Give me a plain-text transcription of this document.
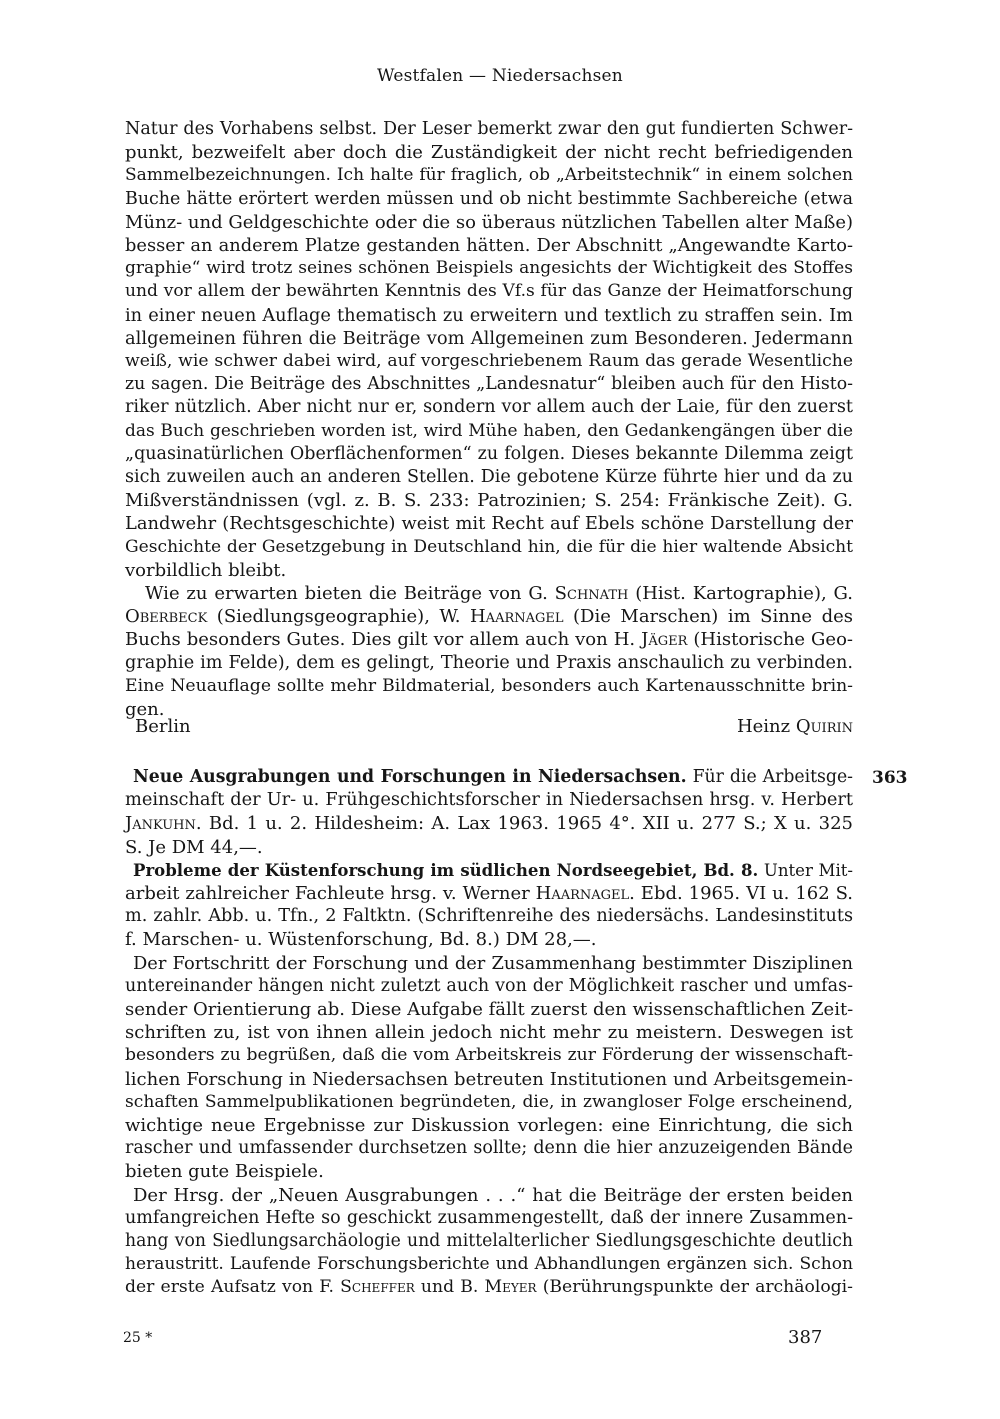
Westfalen — Niedersachsen
Natur des Vorhabens selbst. Der Leser bemerkt zwar den gut fundierten Schwer-
punkt, bezweifelt aber doch die Zuständigkeit der nicht recht befriedigenden
Sammelbezeichnungen. Ich halte für fraglich, ob „Arbeitstechnik“ in einem solchen
Buche hätte erörtert werden müssen und ob nicht bestimmte Sachbereiche (etwa
Münz- und Geldgeschichte oder die so überaus nützlichen Tabellen alter Maße)
besser an anderem Platze gestanden hätten. Der Abschnitt „Angewandte Karto-
graphie“ wird trotz seines schönen Beispiels angesichts der Wichtigkeit des Stoffes
und vor allem der bewährten Kenntnis des Vf.s für das Ganze der Heimatforschung
in einer neuen Auflage thematisch zu erweitern und textlich zu straffen sein. Im
allgemeinen führen die Beiträge vom Allgemeinen zum Besonderen. Jedermann
weiß, wie schwer dabei wird, auf vorgeschriebenem Raum das gerade Wesentliche
zu sagen. Die Beiträge des Abschnittes „Landesnatur“ bleiben auch für den Histo-
riker nützlich. Aber nicht nur er, sondern vor allem auch der Laie, für den zuerst
das Buch geschrieben worden ist, wird Mühe haben, den Gedankengängen über die
„quasinatürlichen Oberflächenformen“ zu folgen. Dieses bekannte Dilemma zeigt
sich zuweilen auch an anderen Stellen. Die gebotene Kürze führte hier und da zu
Mißverständnissen (vgl. z. B. S. 233: Patrozinien; S. 254: Fränkische Zeit). G.
Landwehr (Rechtsgeschichte) weist mit Recht auf Ebels schöne Darstellung der
Geschichte der Gesetzgebung in Deutschland hin, die für die hier waltende Absicht
vorbildlich bleibt.
Wie zu erwarten bieten die Beiträge von G. Schnath (Hist. Kartographie), G.
Oberbeck (Siedlungsgeographie), W. Haarnagel (Die Marschen) im Sinne des
Buchs besonders Gutes. Dies gilt vor allem auch von H. Jäger (Historische Geo-
graphie im Felde), dem es gelingt, Theorie und Praxis anschaulich zu verbinden.
Eine Neuauflage sollte mehr Bildmaterial, besonders auch Kartenausschnitte brin-
gen.
Berlin	Heinz Quirin
363
Neue Ausgrabungen und Forschungen in Niedersachsen. Für die Arbeitsge-
meinschaft der Ur- u. Frühgeschichtsforscher in Niedersachsen hrsg. v. Herbert
Jankuhn. Bd. 1 u. 2. Hildesheim: A. Lax 1963. 1965 4°. XII u. 277 S.; X u. 325
S. Je DM 44,—.
Probleme der Küstenforschung im südlichen Nordseegebiet, Bd. 8. Unter Mit-
arbeit zahlreicher Fachleute hrsg. v. Werner Haarnagel. Ebd. 1965. VI u. 162 S.
m. zahlr. Abb. u. Tfn., 2 Faltktn. (Schriftenreihe des niedersächs. Landesinstituts
f. Marschen- u. Wüstenforschung, Bd. 8.) DM 28,—.
Der Fortschritt der Forschung und der Zusammenhang bestimmter Disziplinen
untereinander hängen nicht zuletzt auch von der Möglichkeit rascher und umfas-
sender Orientierung ab. Diese Aufgabe fällt zuerst den wissenschaftlichen Zeit-
schriften zu, ist von ihnen allein jedoch nicht mehr zu meistern. Deswegen ist
besonders zu begrüßen, daß die vom Arbeitskreis zur Förderung der wissenschaft-
lichen Forschung in Niedersachsen betreuten Institutionen und Arbeitsgemein-
schaften Sammelpublikationen begründeten, die, in zwangloser Folge erscheinend,
wichtige neue Ergebnisse zur Diskussion vorlegen: eine Einrichtung, die sich
rascher und umfassender durchsetzen sollte; denn die hier anzuzeigenden Bände
bieten gute Beispiele.
Der Hrsg. der „Neuen Ausgrabungen . . .“ hat die Beiträge der ersten beiden
umfangreichen Hefte so geschickt zusammengestellt, daß der innere Zusammen-
hang von Siedlungsarchäologie und mittelalterlicher Siedlungsgeschichte deutlich
heraustritt. Laufende Forschungsberichte und Abhandlungen ergänzen sich. Schon
der erste Aufsatz von F. Scheffer und B. Meyer (Berührungspunkte der archäologi-
25 *	387
